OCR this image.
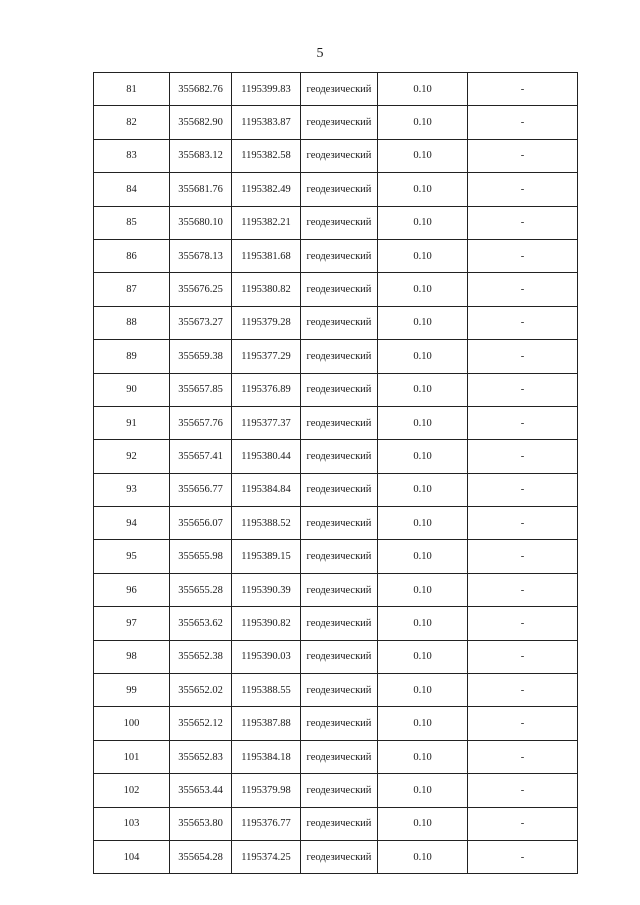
5
81	355682.76	1195399.83	геодезический	0.10	-
82	355682.90	1195383.87	геодезический	0.10	-
83	355683.12	1195382.58	геодезический	0.10	-
84	355681.76	1195382.49	геодезический	0.10	-
85	355680.10	1195382.21	геодезический	0.10	-
86	355678.13	1195381.68	геодезический	0.10	-
87	355676.25	1195380.82	геодезический	0.10	-
88	355673.27	1195379.28	геодезический	0.10	-
89	355659.38	1195377.29	геодезический	0.10	-
90	355657.85	1195376.89	геодезический	0.10	-
91	355657.76	1195377.37	геодезический	0.10	-
92	355657.41	1195380.44	геодезический	0.10	-
93	355656.77	1195384.84	геодезический	0.10	-
94	355656.07	1195388.52	геодезический	0.10	-
95	355655.98	1195389.15	геодезический	0.10	-
96	355655.28	1195390.39	геодезический	0.10	-
97	355653.62	1195390.82	геодезический	0.10	-
98	355652.38	1195390.03	геодезический	0.10	-
99	355652.02	1195388.55	геодезический	0.10	-
100	355652.12	1195387.88	геодезический	0.10	-
101	355652.83	1195384.18	геодезический	0.10	-
102	355653.44	1195379.98	геодезический	0.10	-
103	355653.80	1195376.77	геодезический	0.10	-
104	355654.28	1195374.25	геодезический	0.10	-
